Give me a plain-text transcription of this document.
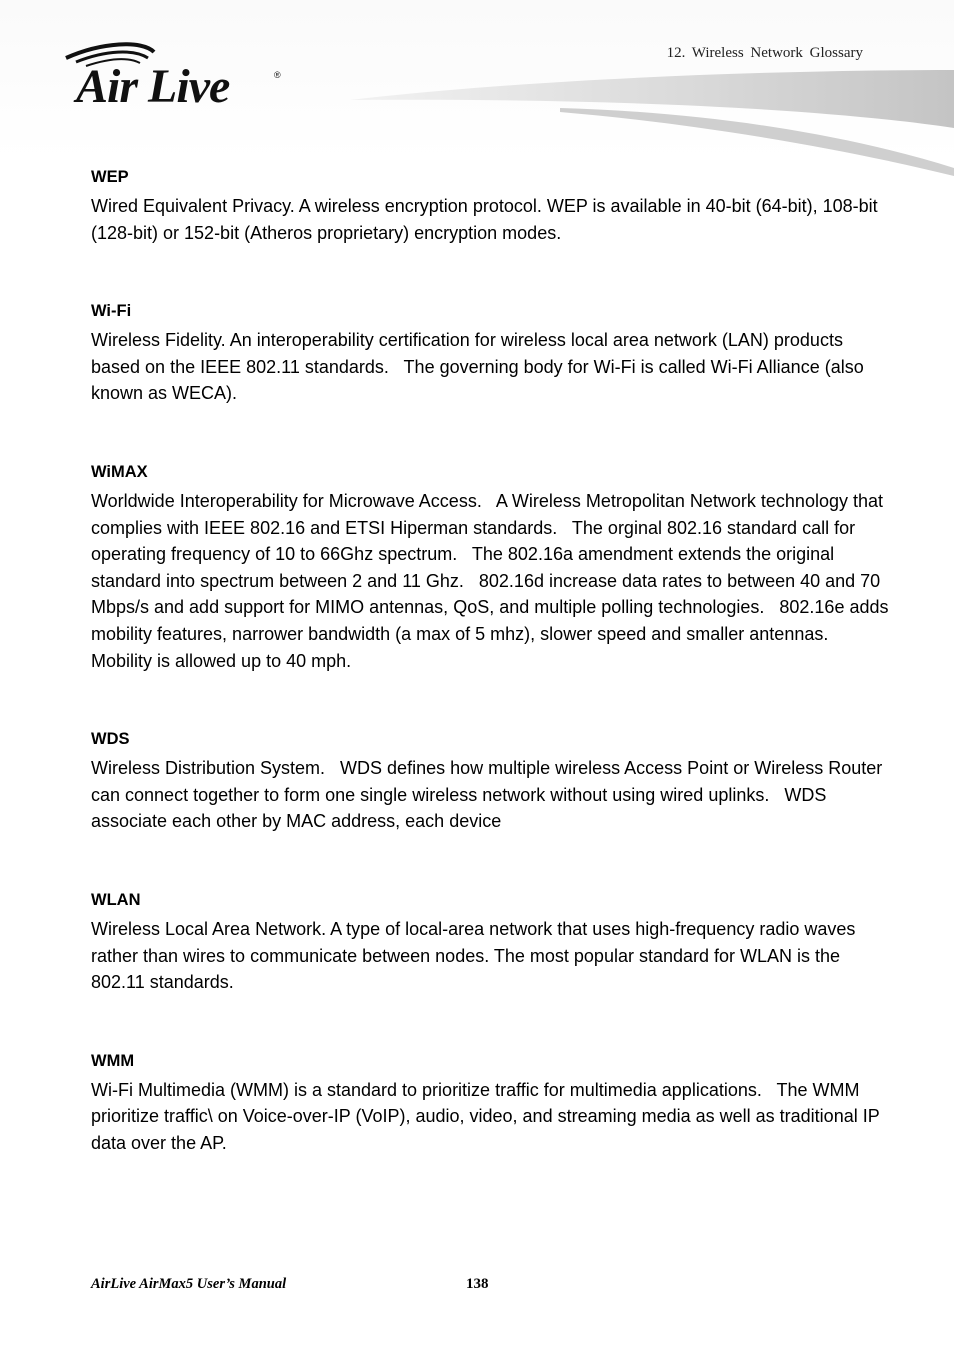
Air Live	®
12. Wireless Network Glossary
WEP

Wired Equivalent Privacy. A wireless encryption protocol. WEP is available in 40-bit (64-bit), 108-bit (128-bit) or 152-bit (Atheros proprietary) encryption modes.

Wi-Fi

Wireless Fidelity. An interoperability certification for wireless local area network (LAN) products based on the IEEE 802.11 standards.   The governing body for Wi-Fi is called Wi-Fi Alliance (also known as WECA).

WiMAX

Worldwide Interoperability for Microwave Access.   A Wireless Metropolitan Network technology that complies with IEEE 802.16 and ETSI Hiperman standards.   The orginal 802.16 standard call for operating frequency of 10 to 66Ghz spectrum.   The 802.16a amendment extends the original standard into spectrum between 2 and 11 Ghz.   802.16d increase data rates to between 40 and 70 Mbps/s and add support for MIMO antennas, QoS, and multiple polling technologies.   802.16e adds mobility features, narrower bandwidth (a max of 5 mhz), slower speed and smaller antennas. Mobility is allowed up to 40 mph.

WDS

Wireless Distribution System.   WDS defines how multiple wireless Access Point or Wireless Router can connect together to form one single wireless network without using wired uplinks.   WDS associate each other by MAC address, each device

WLAN

Wireless Local Area Network. A type of local-area network that uses high-frequency radio waves rather than wires to communicate between nodes. The most popular standard for WLAN is the 802.11 standards.

WMM

Wi-Fi Multimedia (WMM) is a standard to prioritize traffic for multimedia applications.   The WMM prioritize traffic\ on Voice-over-IP (VoIP), audio, video, and streaming media as well as traditional IP data over the AP.

AirLive AirMax5 User’s Manual	138
